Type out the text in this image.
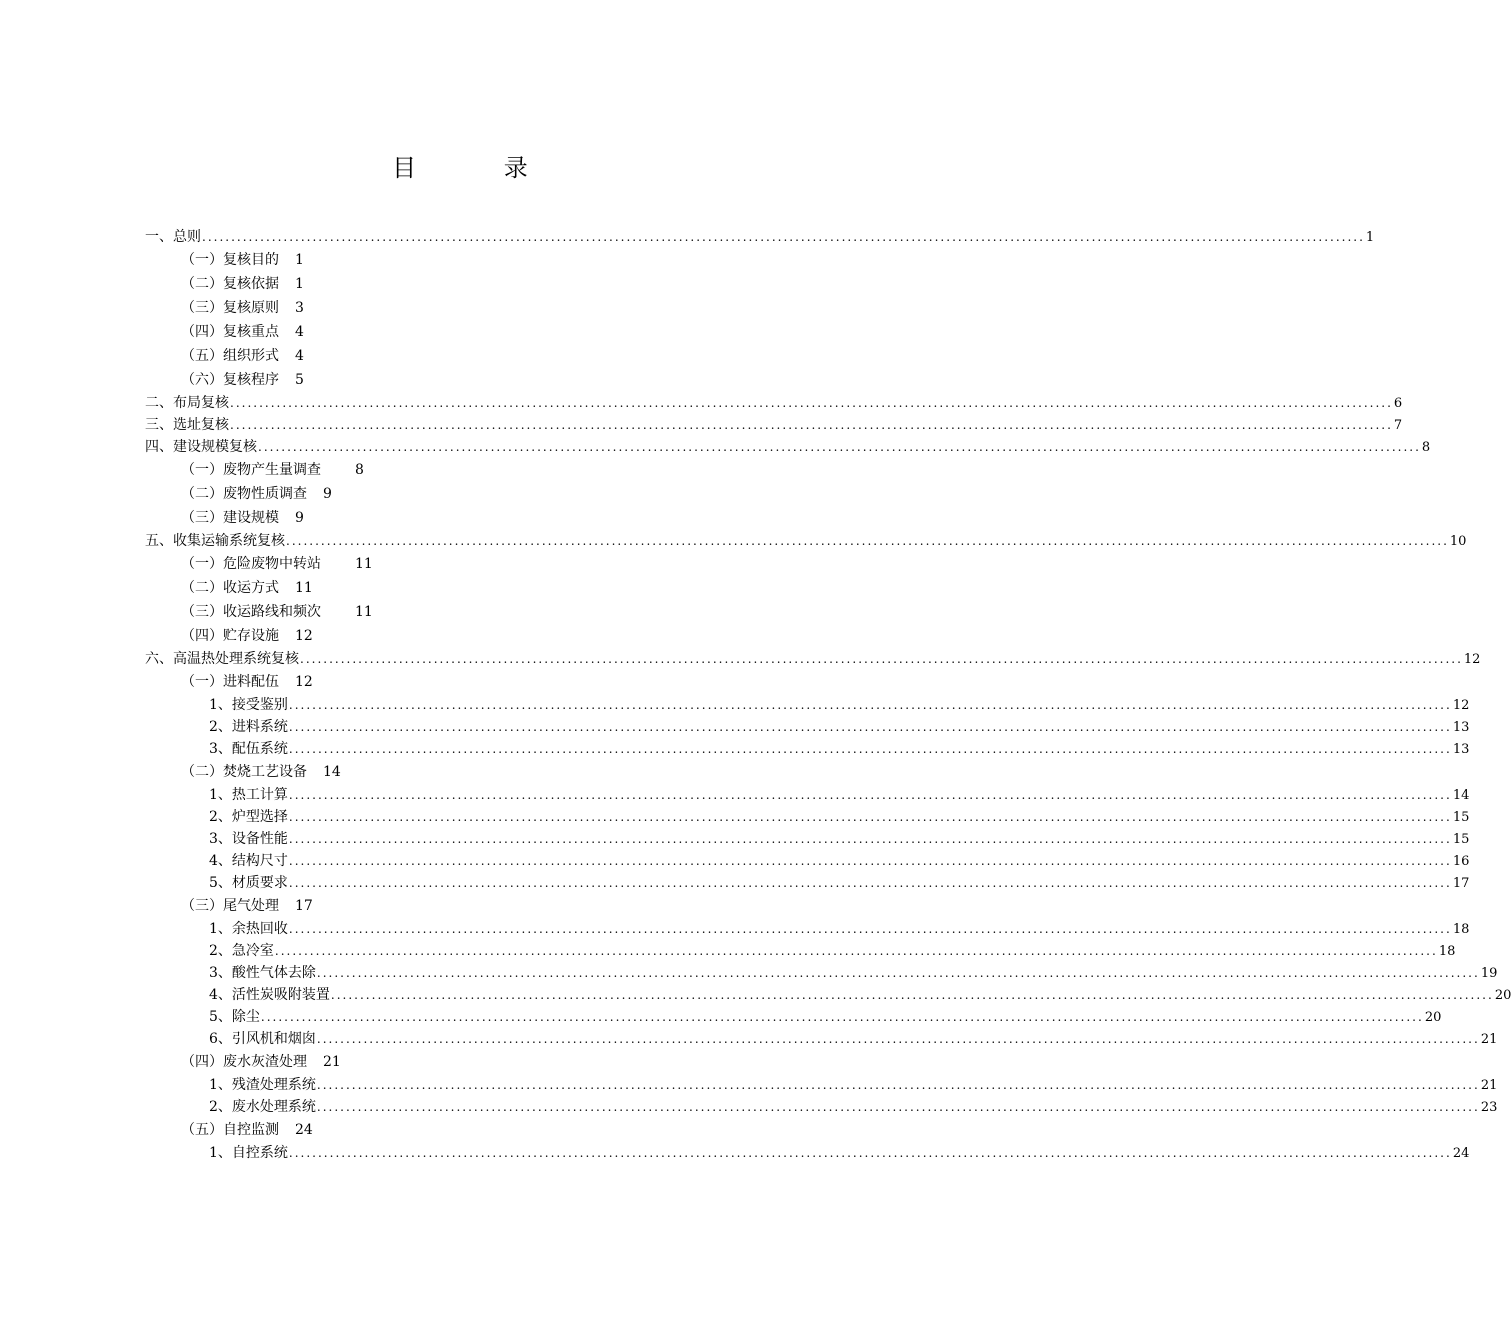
目 录
一、总则 ........................................................................................................................................................................................................ 1
（一）复核目的 1
（二）复核依据 1
（三）复核原则 3
（四）复核重点 4
（五）组织形式 4
（六）复核程序 5
二、布局复核 ........................................................................................................................................................................................................ 6
三、选址复核 ........................................................................................................................................................................................................ 7
四、建设规模复核 ........................................................................................................................................................................................................ 8
（一）废物产生量调查 8
（二）废物性质调查 9
（三）建设规模 9
五、收集运输系统复核 ........................................................................................................................................................................................................ 10
（一）危险废物中转站 11
（二）收运方式 11
（三）收运路线和频次 11
（四）贮存设施 12
六、高温热处理系统复核 ........................................................................................................................................................................................................ 12
（一）进料配伍 12
1、接受鉴别 ........................................................................................................................................................................................................ 12
2、进料系统 ........................................................................................................................................................................................................ 13
3、配伍系统 ........................................................................................................................................................................................................ 13
（二）焚烧工艺设备 14
1、热工计算 ........................................................................................................................................................................................................ 14
2、炉型选择 ........................................................................................................................................................................................................ 15
3、设备性能 ........................................................................................................................................................................................................ 15
4、结构尺寸 ........................................................................................................................................................................................................ 16
5、材质要求 ........................................................................................................................................................................................................ 17
（三）尾气处理 17
1、余热回收 ........................................................................................................................................................................................................ 18
2、急冷室 ........................................................................................................................................................................................................ 18
3、酸性气体去除 ........................................................................................................................................................................................................ 19
4、活性炭吸附装置 ........................................................................................................................................................................................................ 20
5、除尘 ........................................................................................................................................................................................................ 20
6、引风机和烟囱 ........................................................................................................................................................................................................ 21
（四）废水灰渣处理 21
1、残渣处理系统 ........................................................................................................................................................................................................ 21
2、废水处理系统 ........................................................................................................................................................................................................ 23
（五）自控监测 24
1、自控系统 ........................................................................................................................................................................................................ 24
